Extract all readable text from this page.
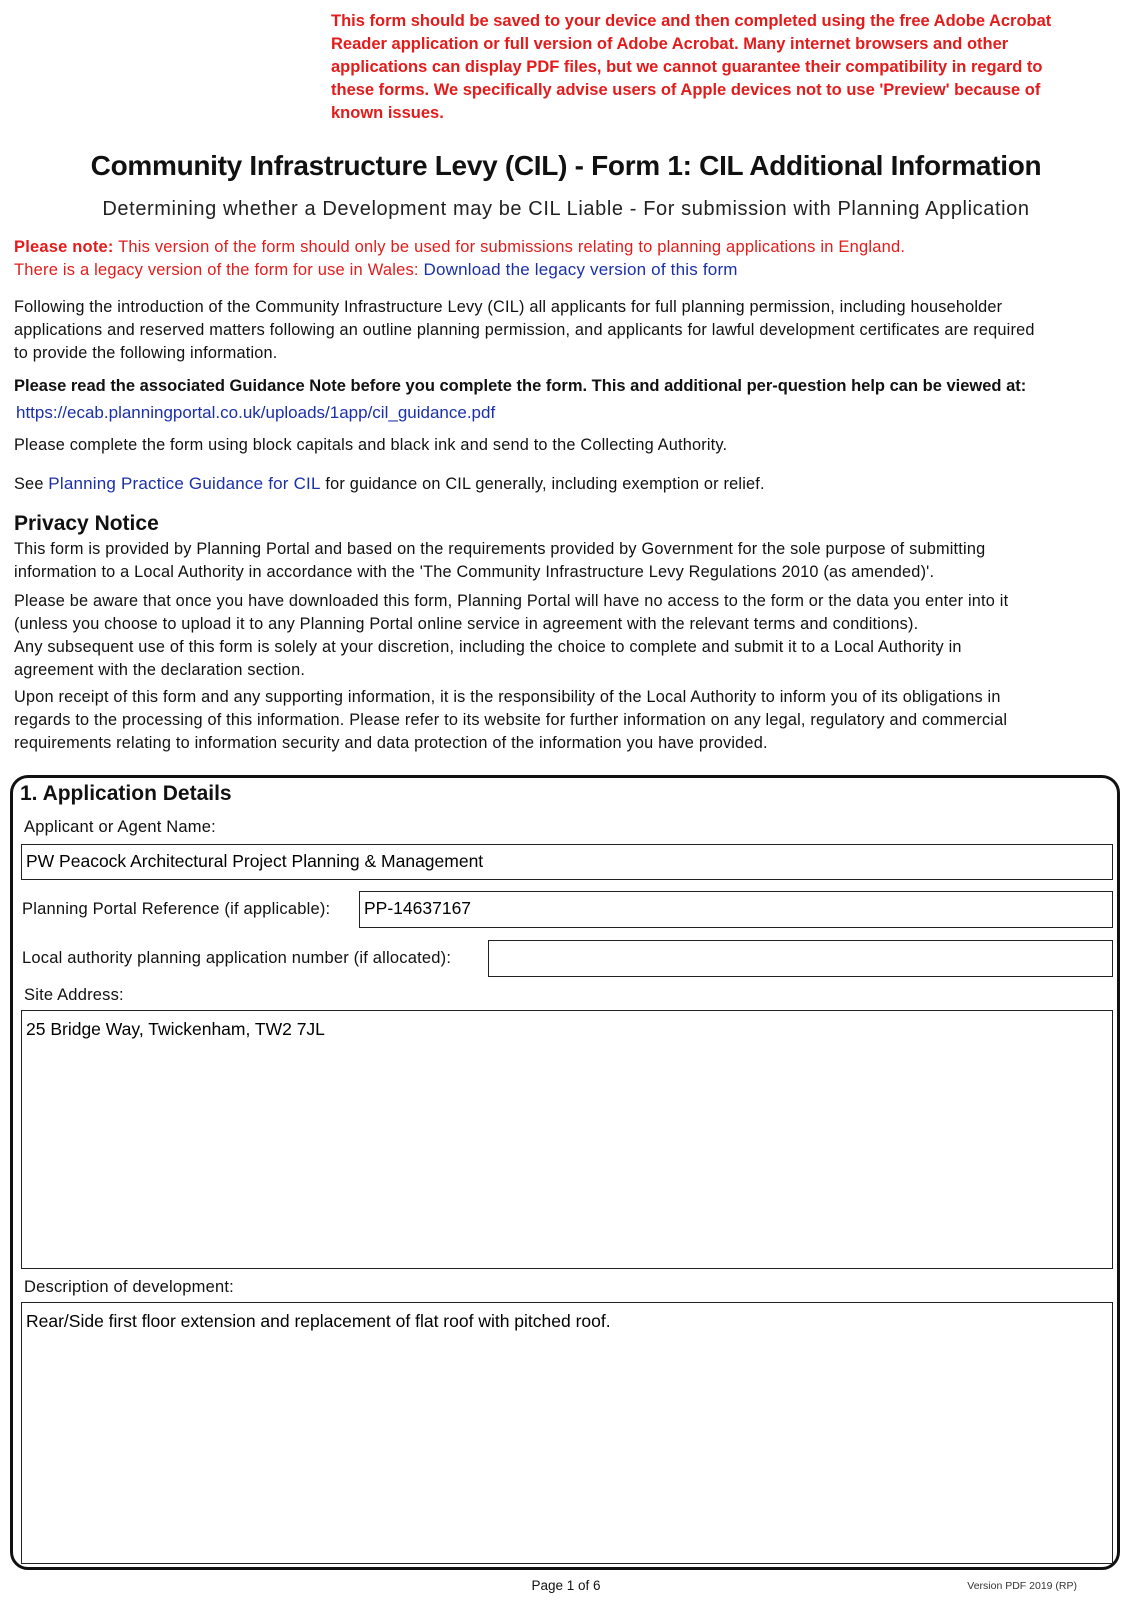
This form should be saved to your device and then completed using the free Adobe Acrobat
Reader application or full version of Adobe Acrobat. Many internet browsers and other
applications can display PDF files, but we cannot guarantee their compatibility in regard to
these forms. We specifically advise users of Apple devices not to use 'Preview' because of
known issues.
Community Infrastructure Levy (CIL) - Form 1: CIL Additional Information
Determining whether a Development may be CIL Liable - For submission with Planning Application
Please note: This version of the form should only be used for submissions relating to planning applications in England.
There is a legacy version of the form for use in Wales: Download the legacy version of this form
Following the introduction of the Community Infrastructure Levy (CIL) all applicants for full planning permission, including householder
applications and reserved matters following an outline planning permission, and applicants for lawful development certificates are required
to provide the following information.
Please read the associated Guidance Note before you complete the form. This and additional per-question help can be viewed at:
https://ecab.planningportal.co.uk/uploads/1app/cil_guidance.pdf
Please complete the form using block capitals and black ink and send to the Collecting Authority.
See Planning Practice Guidance for CIL for guidance on CIL generally, including exemption or relief.
Privacy Notice
This form is provided by Planning Portal and based on the requirements provided by Government for the sole purpose of submitting
information to a Local Authority in accordance with the 'The Community Infrastructure Levy Regulations 2010 (as amended)'.
Please be aware that once you have downloaded this form, Planning Portal will have no access to the form or the data you enter into it
(unless you choose to upload it to any Planning Portal online service in agreement with the relevant terms and conditions).
Any subsequent use of this form is solely at your discretion, including the choice to complete and submit it to a Local Authority in
agreement with the declaration section.
Upon receipt of this form and any supporting information, it is the responsibility of the Local Authority to inform you of its obligations in
regards to the processing of this information. Please refer to its website for further information on any legal, regulatory and commercial
requirements relating to information security and data protection of the information you have provided.
1. Application Details
Applicant or Agent Name:
PW Peacock Architectural Project Planning & Management
Planning Portal Reference (if applicable): PP-14637167
Local authority planning application number (if allocated):
Site Address:
25 Bridge Way, Twickenham, TW2 7JL
Description of development:
Rear/Side first floor extension and replacement of flat roof with pitched roof.
Page 1 of 6	Version PDF 2019 (RP)
